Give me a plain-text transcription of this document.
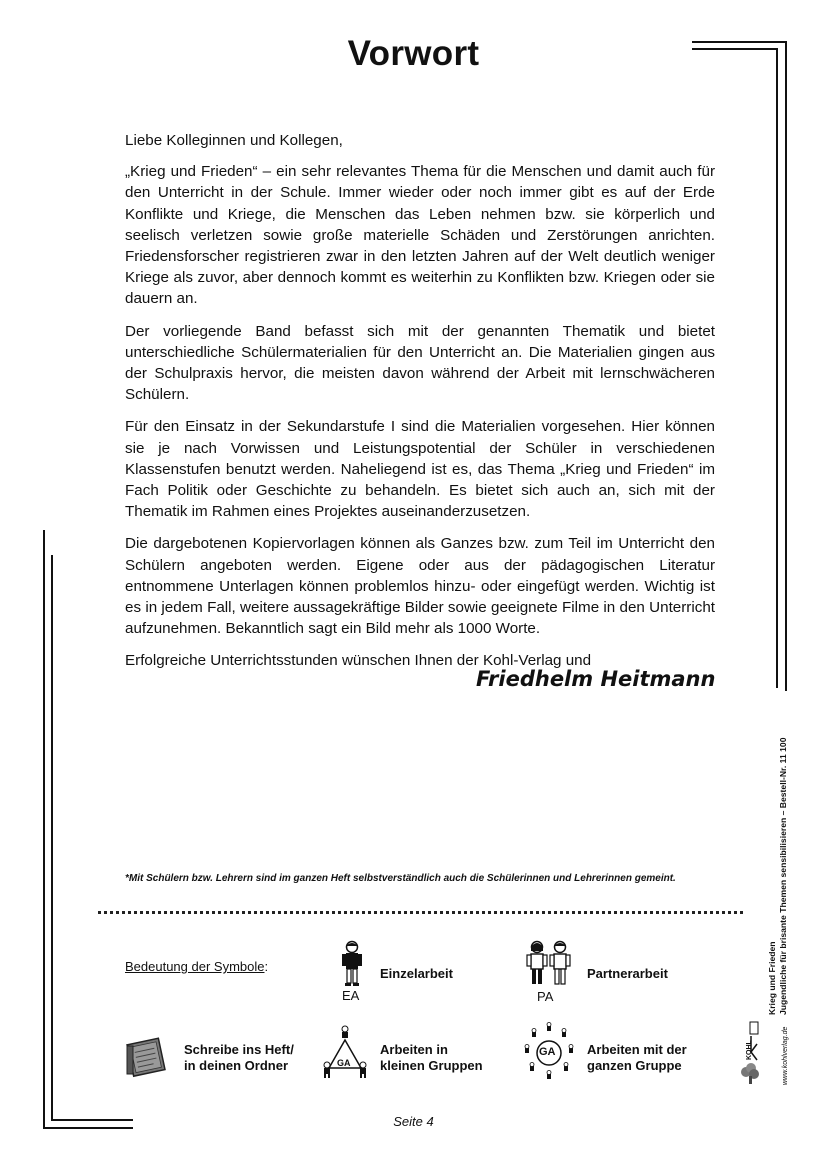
Vorwort

Liebe Kolleginnen und Kollegen,

„Krieg und Frieden“ – ein sehr relevantes Thema für die Menschen und damit auch für den Unterricht in der Schule. Immer wieder oder noch immer gibt es auf der Erde Konflikte und Kriege, die Menschen das Leben nehmen bzw. sie körperlich und seelisch verletzen sowie große materielle Schäden und Zerstörungen anrichten. Friedensforscher registrieren zwar in den letzten Jahren auf der Welt deutlich weniger Kriege als zuvor, aber dennoch kommt es weiterhin zu Konflikten bzw. Kriegen oder sie dauern an.

Der vorliegende Band befasst sich mit der genannten Thematik und bietet unterschiedliche Schülermaterialien für den Unterricht an. Die Materialien gingen aus der Schulpraxis hervor, die meisten davon während der Arbeit mit lernschwächeren Schülern.

Für den Einsatz in der Sekundarstufe I sind die Materialien vorgesehen. Hier können sie je nach Vorwissen und Leistungspotential der Schüler in verschiedenen Klassenstufen benutzt werden. Naheliegend ist es, das Thema „Krieg und Frieden“ im Fach Politik oder Geschichte zu behandeln. Es bietet sich auch an, sich mit der Thematik im Rahmen eines Projektes auseinanderzusetzen.

Die dargebotenen Kopiervorlagen können als Ganzes bzw. zum Teil im Unterricht den Schülern angeboten werden. Eigene oder aus der pädagogischen Literatur entnommene Unterlagen können problemlos hinzu- oder eingefügt werden. Wichtig ist es in jedem Fall, weitere aussagekräftige Bilder sowie geeignete Filme in den Unterricht aufzunehmen. Bekanntlich sagt ein Bild mehr als 1000 Worte.

Erfolgreiche Unterrichtsstunden wünschen Ihnen der Kohl-Verlag und

Friedhelm Heitmann
*Mit Schülern bzw. Lehrern sind im ganzen Heft selbstverständlich auch die Schülerinnen und Lehrerinnen gemeint.
Bedeutung der Symbole:
EA
Einzelarbeit
PA
Partnerarbeit
Schreibe ins Heft/
in deinen Ordner	GA
Arbeiten in
kleinen Gruppen
GA Arbeiten mit der
ganzen Gruppe
Seite 4
Krieg und Frieden Jugendliche für brisante Themen sensibilisieren – Bestell-Nr. 11 100
www.kohlverlag.de
KOHL
